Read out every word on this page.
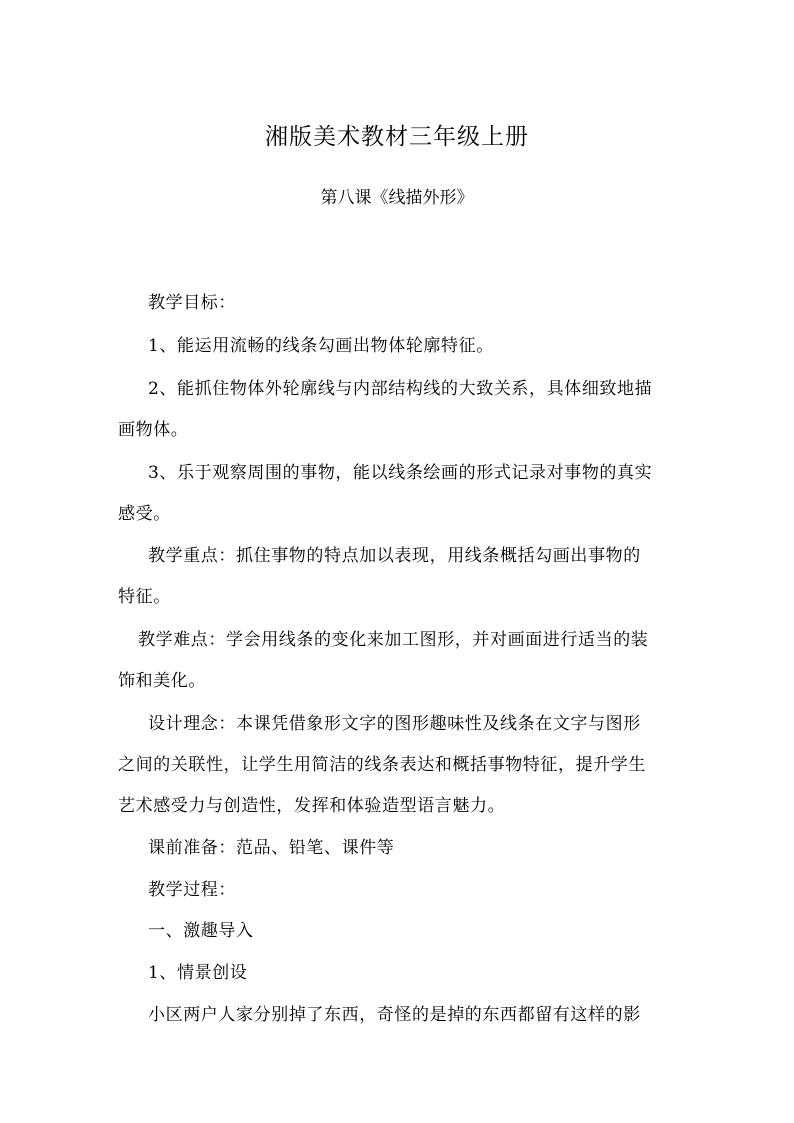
湘版美术教材三年级上册
第八课《线描外形》
教学目标：
1、能运用流畅的线条勾画出物体轮廓特征。
2、能抓住物体外轮廓线与内部结构线的大致关系，具体细致地描
画物体。
3、乐于观察周围的事物，能以线条绘画的形式记录对事物的真实
感受。
教学重点：抓住事物的特点加以表现，用线条概括勾画出事物的
特征。
教学难点：学会用线条的变化来加工图形，并对画面进行适当的装
饰和美化。
设计理念：本课凭借象形文字的图形趣味性及线条在文字与图形
之间的关联性，让学生用简洁的线条表达和概括事物特征，提升学生
艺术感受力与创造性，发挥和体验造型语言魅力。
课前准备：范品、铅笔、课件等
教学过程：
一、激趣导入
1、情景创设
小区两户人家分别掉了东西，奇怪的是掉的东西都留有这样的影
